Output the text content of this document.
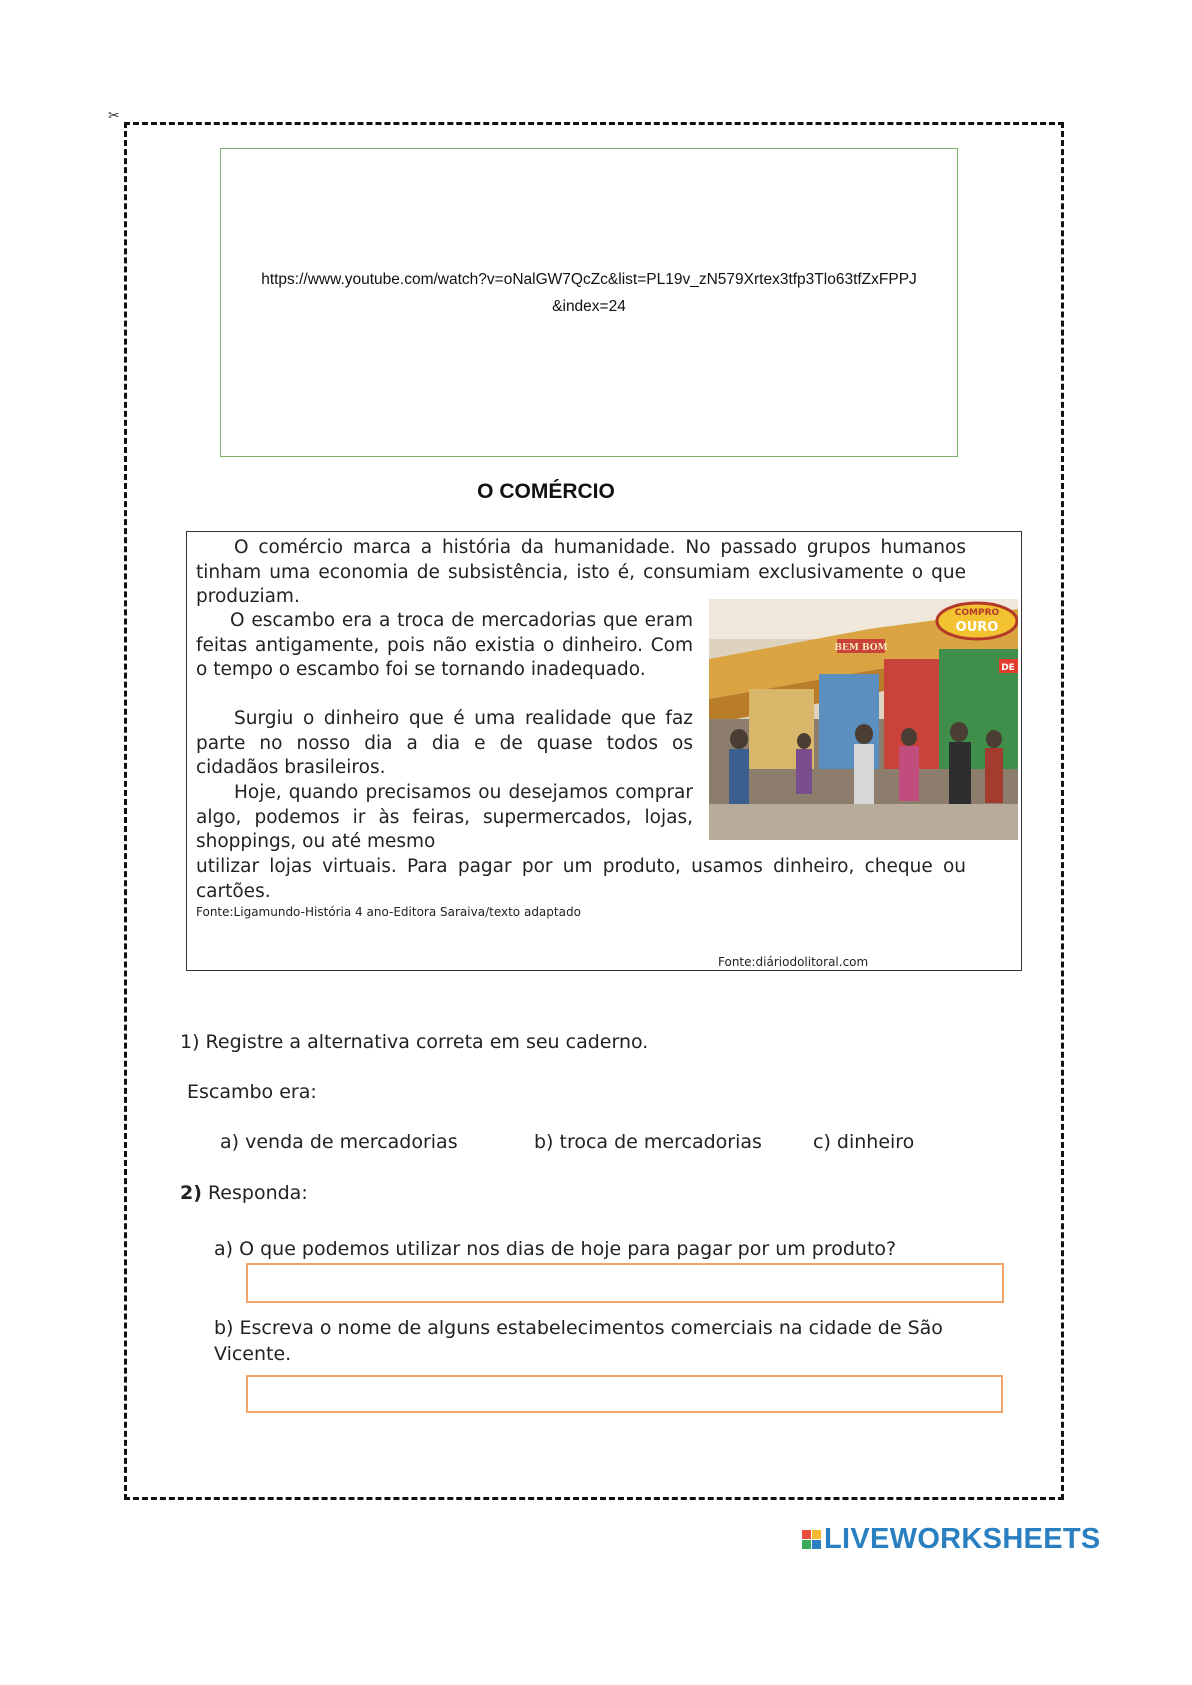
✂
https://www.youtube.com/watch?v=oNalGW7QcZc&list=PL19v_zN579Xrtex3tfp3Tlo63tfZxFPPJ&index=24
O COMÉRCIO

O comércio marca a história da humanidade. No passado grupos humanos tinham uma economia de subsistência, isto é, consumiam exclusivamente o que produziam.

O escambo era a troca de mercadorias que eram feitas antigamente, pois não existia o dinheiro. Com o tempo o escambo foi se tornando inadequado.

Surgiu o dinheiro que é uma realidade que faz parte no nosso dia a dia e de quase todos os cidadãos brasileiros.

Hoje, quando precisamos ou desejamos comprar algo, podemos ir às feiras, supermercados, lojas, shoppings, ou até mesmo

utilizar lojas virtuais. Para pagar por um produto, usamos dinheiro, cheque ou cartões.

Fonte:Ligamundo-História 4 ano-Editora Saraiva/texto adaptado
Fonte:diáriodolitoral.com
COMPRO
OURO
BEM BOM
DE
1) Registre a alternativa correta em seu caderno.
Escambo era:
a) venda de mercadorias	b) troca de mercadorias	c) dinheiro
2) Responda:
a) O que podemos utilizar nos dias de hoje para pagar por um produto?
b) Escreva o nome de alguns estabelecimentos comerciais na cidade de São Vicente.
LIVEWORKSHEETS
